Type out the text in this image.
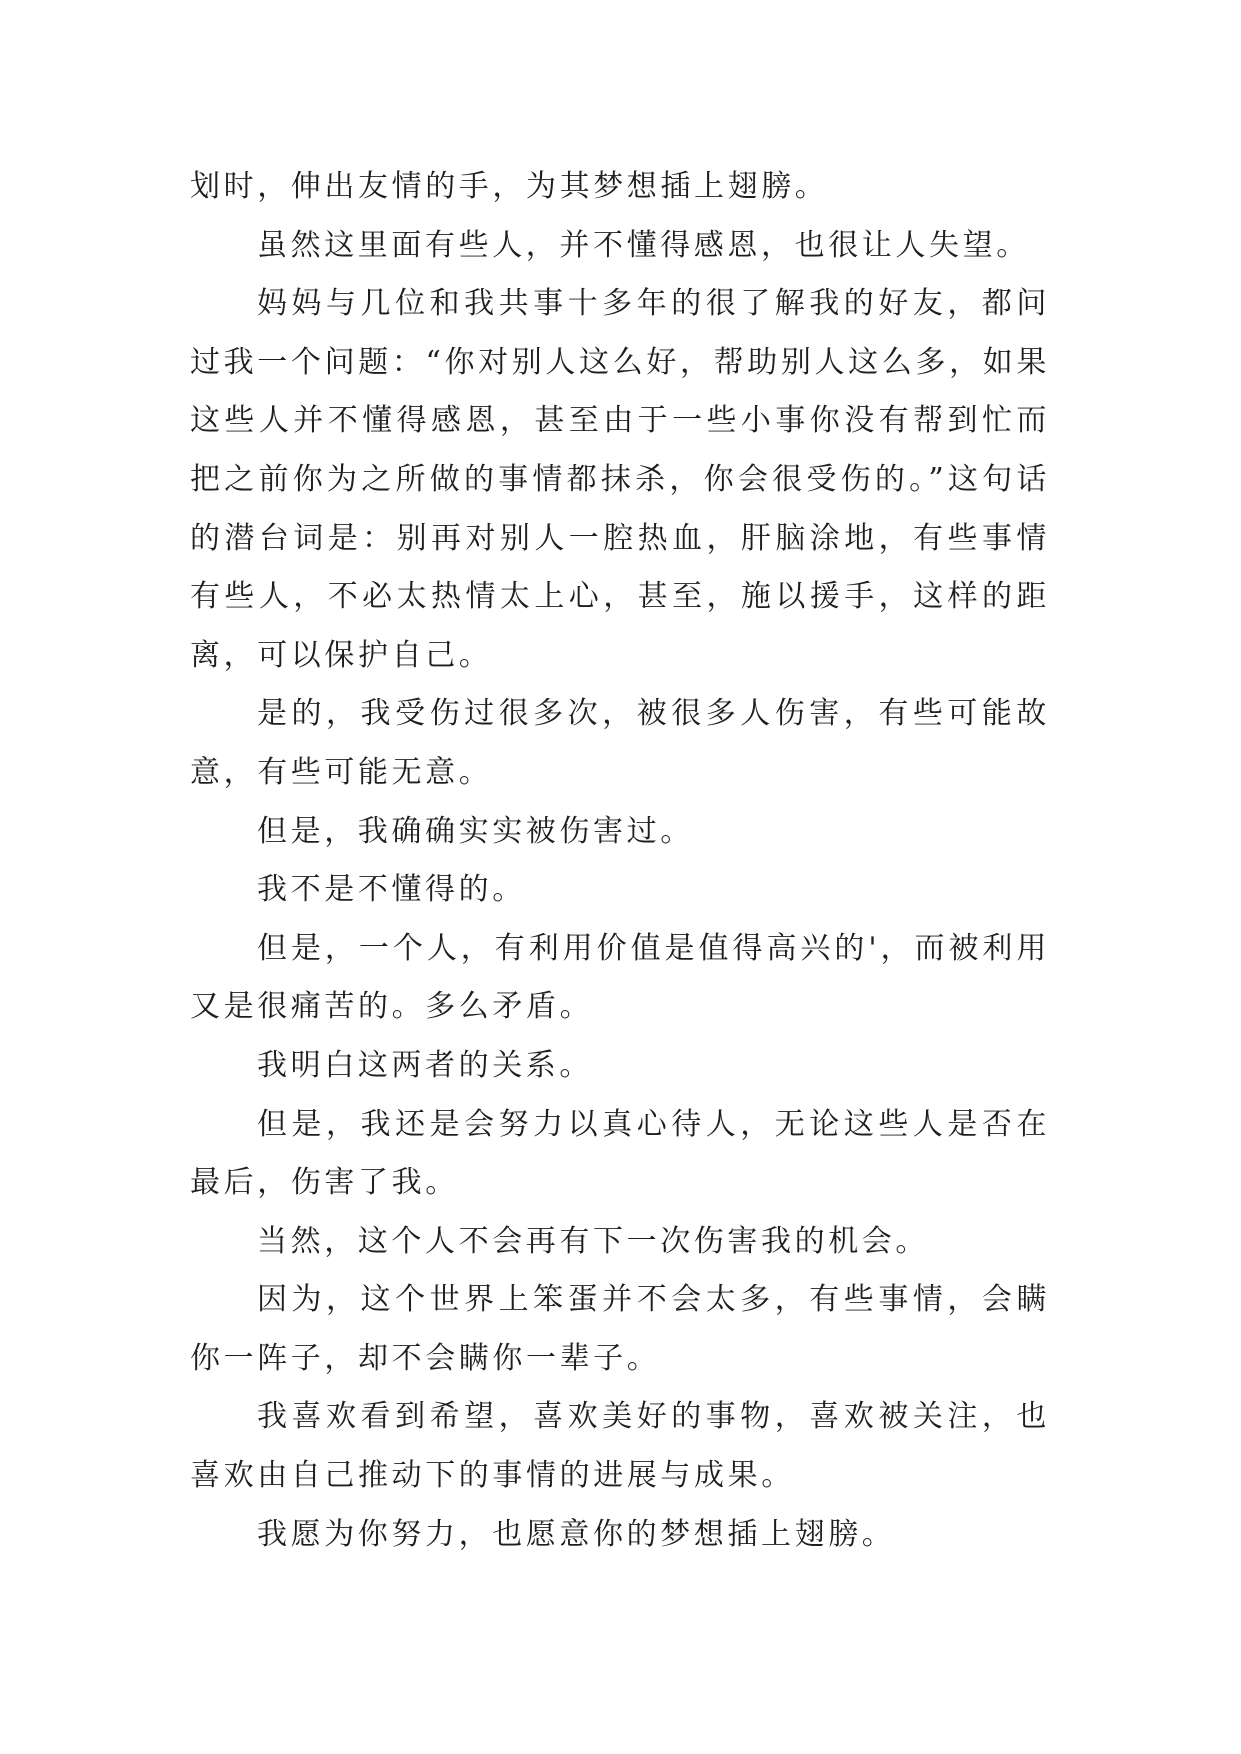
划时，伸出友情的手，为其梦想插上翅膀。

虽然这里面有些人，并不懂得感恩，也很让人失望。

妈妈与几位和我共事十多年的很了解我的好友，都问过我一个问题：“你对别人这么好，帮助别人这么多，如果这些人并不懂得感恩，甚至由于一些小事你没有帮到忙而把之前你为之所做的事情都抹杀，你会很受伤的。”这句话的潜台词是：别再对别人一腔热血，肝脑涂地，有些事情有些人，不必太热情太上心，甚至，施以援手，这样的距离，可以保护自己。

是的，我受伤过很多次，被很多人伤害，有些可能故意，有些可能无意。

但是，我确确实实被伤害过。

我不是不懂得的。

但是，一个人，有利用价值是值得高兴的'，而被利用又是很痛苦的。多么矛盾。

我明白这两者的关系。

但是，我还是会努力以真心待人，无论这些人是否在最后，伤害了我。

当然，这个人不会再有下一次伤害我的机会。

因为，这个世界上笨蛋并不会太多，有些事情，会瞒你一阵子，却不会瞒你一辈子。

我喜欢看到希望，喜欢美好的事物，喜欢被关注，也喜欢由自己推动下的事情的进展与成果。

我愿为你努力，也愿意你的梦想插上翅膀。
